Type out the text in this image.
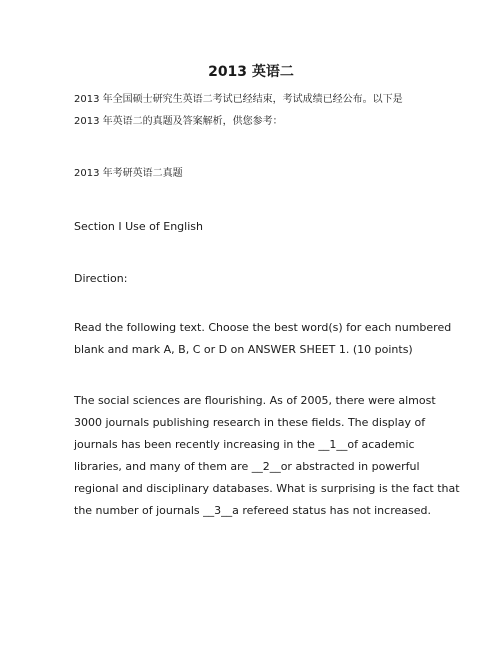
2013 英语二
2013 年全国硕士研究生英语二考试已经结束，考试成绩已经公布。以下是
2013 年英语二的真题及答案解析，供您参考：
2013 年考研英语二真题
Section I Use of English
Direction:
Read the following text. Choose the best word(s) for each numbered
blank and mark A, B, C or D on ANSWER SHEET 1. (10 points)
The social sciences are flourishing. As of 2005, there were almost
3000 journals publishing research in these fields. The display of
journals has been recently increasing in the __1__of academic
libraries, and many of them are __2__or abstracted in powerful
regional and disciplinary databases. What is surprising is the fact that
the number of journals __3__a refereed status has not increased.
